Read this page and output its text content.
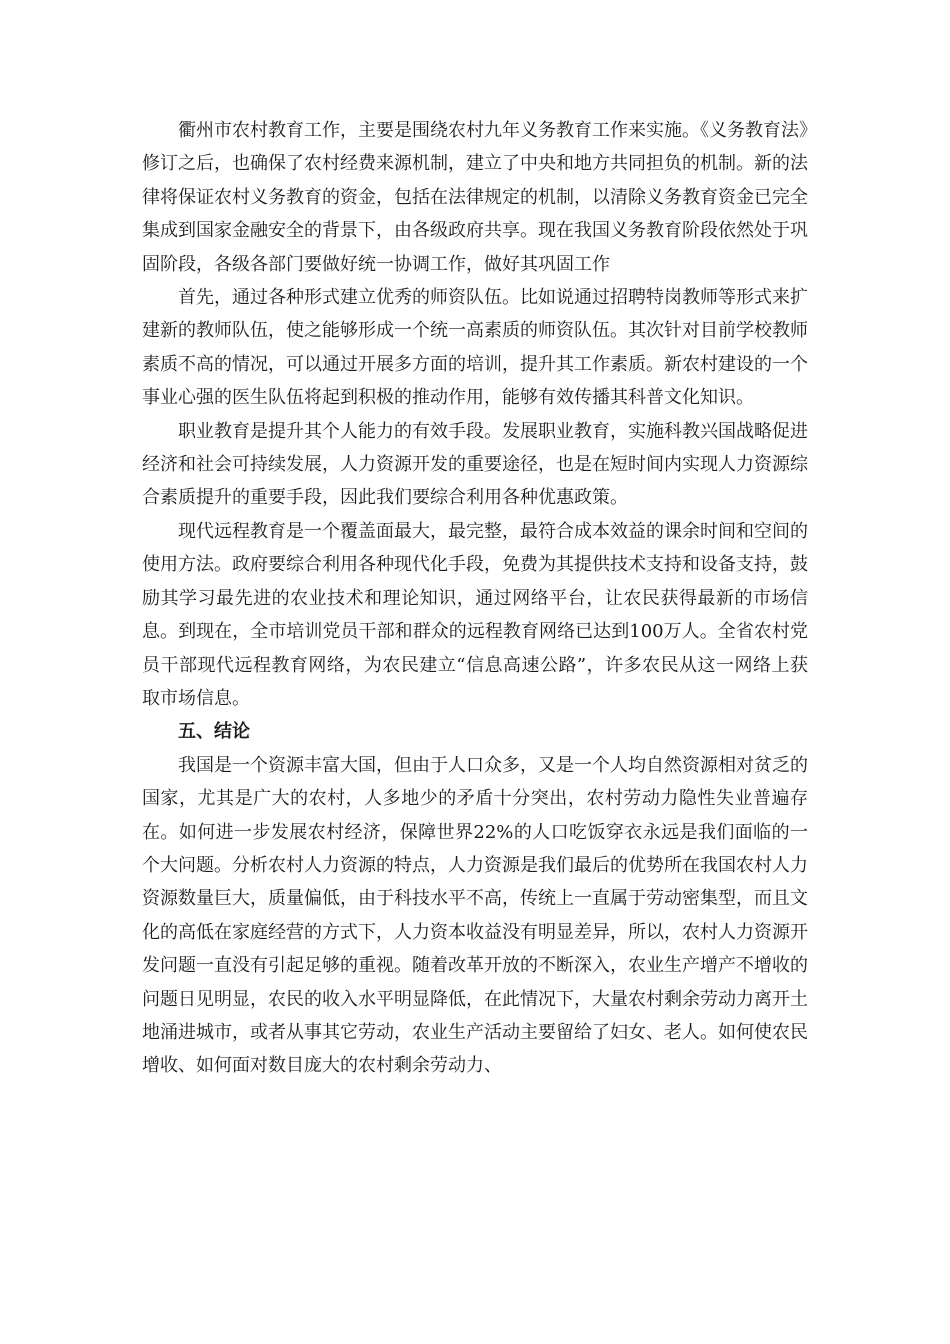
衢州市农村教育工作，主要是围绕农村九年义务教育工作来实施。《义务教育法》修订之后，也确保了农村经费来源机制，建立了中央和地方共同担负的机制。新的法律将保证农村义务教育的资金，包括在法律规定的机制，以清除义务教育资金已完全集成到国家金融安全的背景下，由各级政府共享。现在我国义务教育阶段依然处于巩固阶段，各级各部门要做好统一协调工作，做好其巩固工作

首先，通过各种形式建立优秀的师资队伍。比如说通过招聘特岗教师等形式来扩建新的教师队伍，使之能够形成一个统一高素质的师资队伍。其次针对目前学校教师素质不高的情况，可以通过开展多方面的培训，提升其工作素质。新农村建设的一个事业心强的医生队伍将起到积极的推动作用，能够有效传播其科普文化知识。

职业教育是提升其个人能力的有效手段。发展职业教育，实施科教兴国战略促进经济和社会可持续发展，人力资源开发的重要途径，也是在短时间内实现人力资源综合素质提升的重要手段，因此我们要综合利用各种优惠政策。

现代远程教育是一个覆盖面最大，最完整，最符合成本效益的课余时间和空间的使用方法。政府要综合利用各种现代化手段，免费为其提供技术支持和设备支持，鼓励其学习最先进的农业技术和理论知识，通过网络平台，让农民获得最新的市场信息。到现在，全市培训党员干部和群众的远程教育网络已达到100万人。全省农村党员干部现代远程教育网络，为农民建立“信息高速公路”，许多农民从这一网络上获取市场信息。

五、结论

我国是一个资源丰富大国，但由于人口众多，又是一个人均自然资源相对贫乏的国家，尤其是广大的农村，人多地少的矛盾十分突出，农村劳动力隐性失业普遍存在。如何进一步发展农村经济，保障世界22%的人口吃饭穿衣永远是我们面临的一个大问题。分析农村人力资源的特点，人力资源是我们最后的优势所在我国农村人力资源数量巨大，质量偏低，由于科技水平不高，传统上一直属于劳动密集型，而且文化的高低在家庭经营的方式下，人力资本收益没有明显差异，所以，农村人力资源开发问题一直没有引起足够的重视。随着改革开放的不断深入，农业生产增产不增收的问题日见明显，农民的收入水平明显降低，在此情况下，大量农村剩余劳动力离开土地涌进城市，或者从事其它劳动，农业生产活动主要留给了妇女、老人。如何使农民增收、如何面对数目庞大的农村剩余劳动力、
